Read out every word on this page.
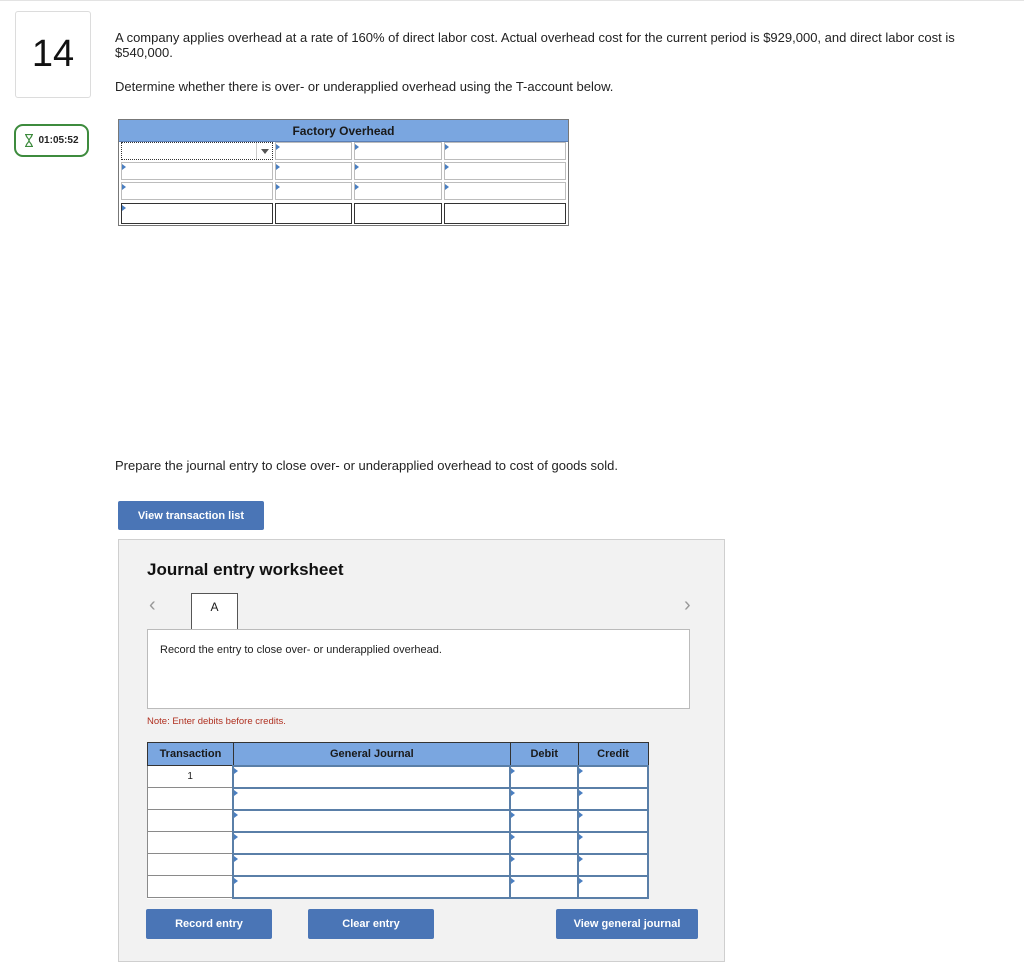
14
01:05:52
A company applies overhead at a rate of 160% of direct labor cost. Actual overhead cost for the current period is $929,000, and direct labor cost is $540,000.
Determine whether there is over- or underapplied overhead using the T-account below.
Factory Overhead
Prepare the journal entry to close over- or underapplied overhead to cost of goods sold.
View transaction list
Journal entry worksheet
‹	A	›
Record the entry to close over- or underapplied overhead.
Note: Enter debits before credits.
Transaction	General Journal	Debit	Credit
1	

Record entry	Clear entry	View general journal
